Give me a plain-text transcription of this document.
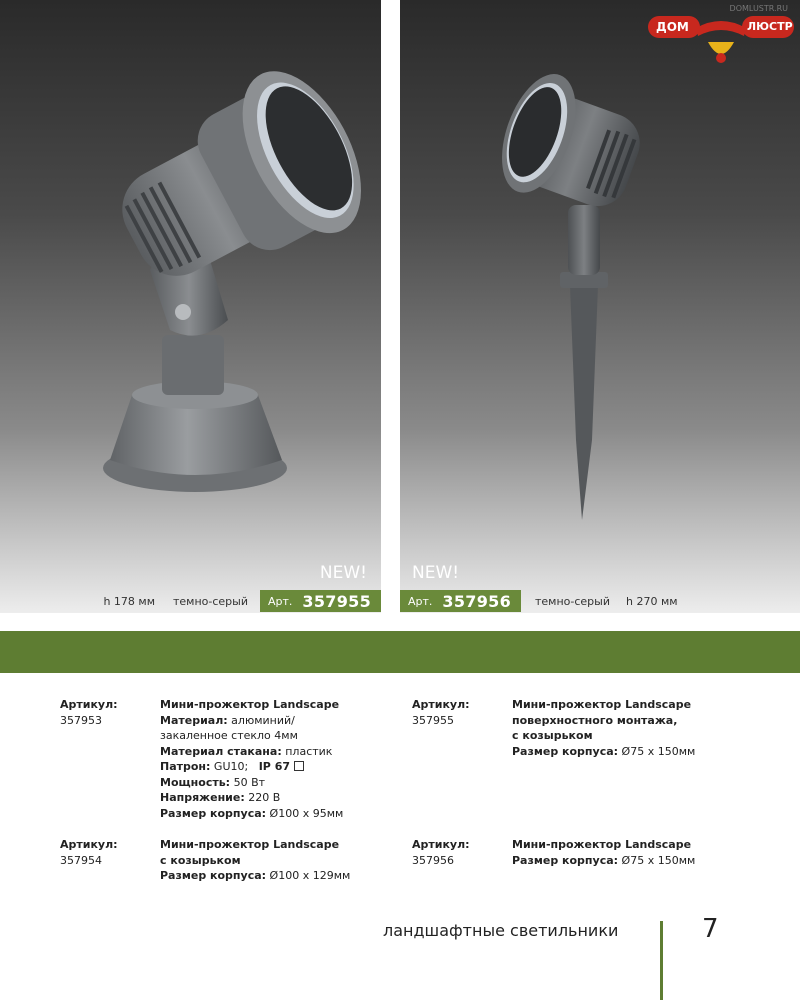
NEW!
h 178 мм темно-серый Арт. 357955
DOMLUSTR.RU
ДОМ	ЛЮСТР
NEW!
Арт. 357956 темно-серый h 270 мм
Артикул:
357953
Мини-прожектор Landscape
Материал: алюминий/
закаленное стекло 4мм
Материал стакана: пластик
Патрон: GU10; IP 67
Мощность: 50 Вт
Напряжение: 220 В
Размер корпуса: Ø100 х 95мм
Артикул:
357954
Мини-прожектор Landscape
с козырьком
Размер корпуса: Ø100 х 129мм
Артикул:
357955
Мини-прожектор Landscape
поверхностного монтажа,
с козырьком
Размер корпуса: Ø75 х 150мм
Артикул:
357956
Мини-прожектор Landscape
Размер корпуса: Ø75 х 150мм
ландшафтные светильники	7
